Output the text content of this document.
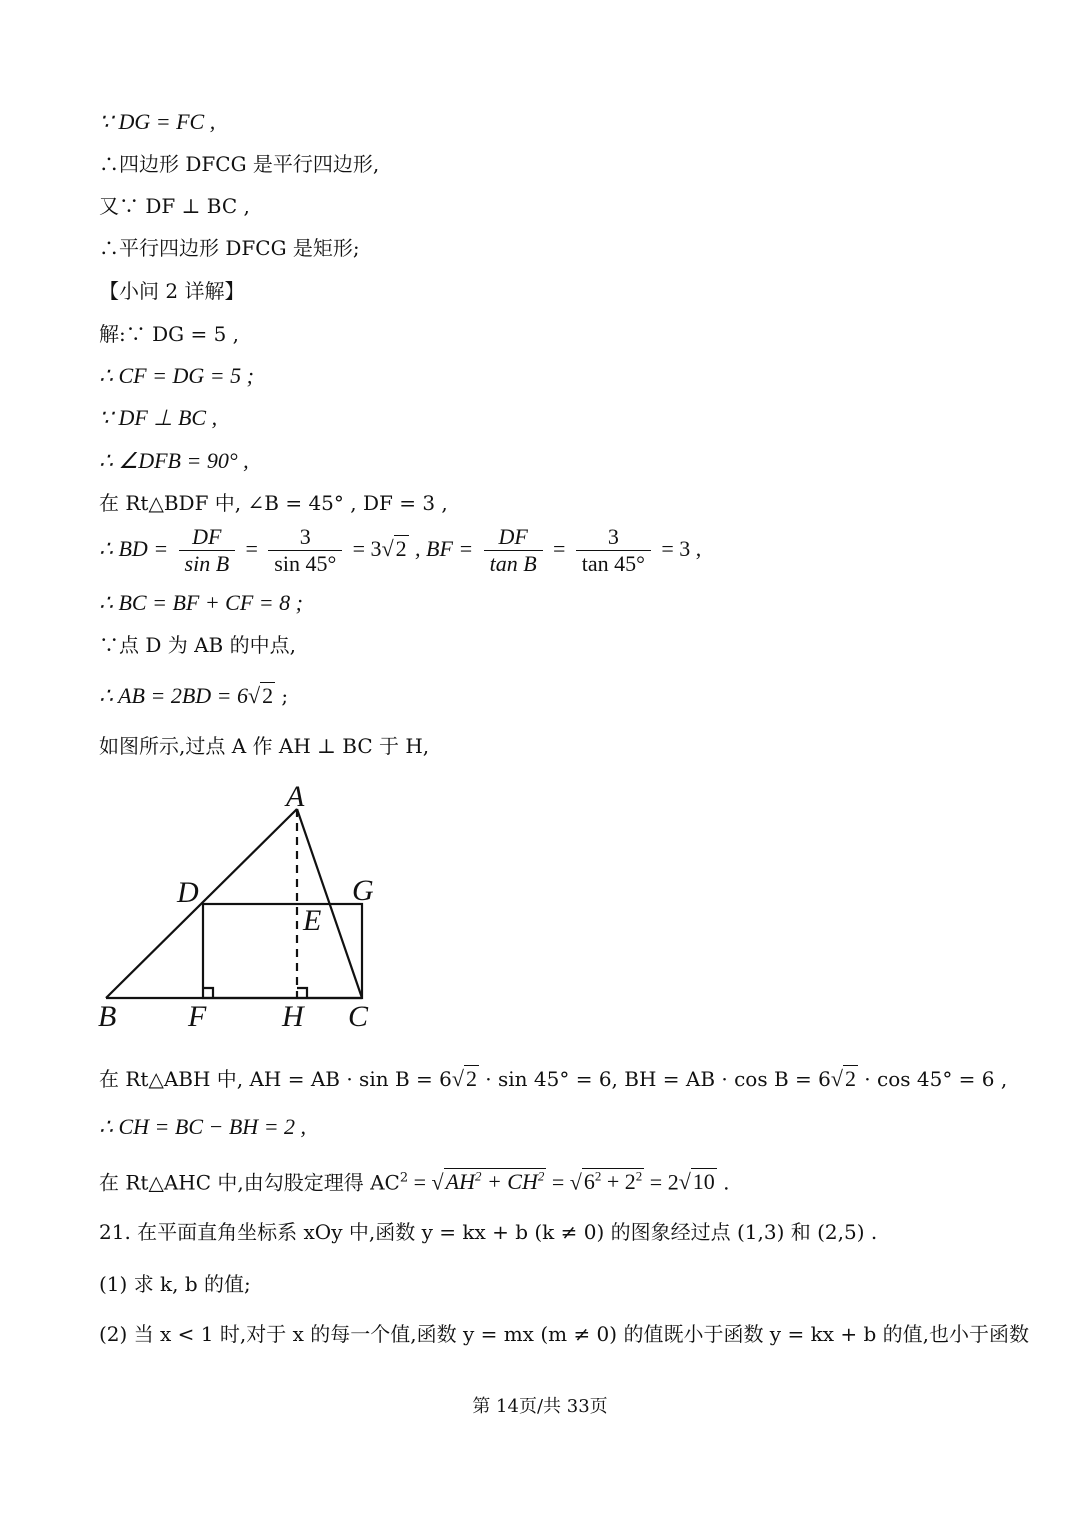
∵ DG = FC ,
∴四边形 DFCG 是平行四边形,
又∵ DF ⊥ BC ,
∴平行四边形 DFCG 是矩形;
【小问 2 详解】
解:∵ DG = 5 ,
∴ CF = DG = 5 ;
∵ DF ⊥ BC ,
∴ ∠DFB = 90° ,
在 Rt△BDF 中, ∠B = 45° , DF = 3 ,
∴ BD = $\frac{DF}{\text{sin B}} = \frac{3}{\sin 45^\circ} = 3√2$ , BF = $\frac{DF}{\text{tan B}} = \frac{3}{\tan 45^\circ} = 3$ ,
∴ BC = BF + CF = 8 ;
∵点 D 为 AB 的中点,
∴ AB = 2BD = 6√2 ;
如图所示,过点 A 作 AH ⊥ BC 于 H,
A
B	C
D
E
F
G
H
在 Rt△ABH 中, AH = AB · sin B = 6√2 · sin 45° = 6, BH = AB · cos B = 6√2 · cos 45° = 6 ,
∴ CH = BC − BH = 2 ,
在 Rt△AHC 中,由勾股定理得 $AC^2 = √AH^2 + CH^2 = √6^2 + 2^2 = 2√10$ .
21. 在平面直角坐标系 xOy 中,函数 y = kx + b (k ≠ 0) 的图象经过点 (1,3) 和 (2,5) .
(1) 求 k, b 的值;
(2) 当 x < 1 时,对于 x 的每一个值,函数 y = mx (m ≠ 0) 的值既小于函数 y = kx + b 的值,也小于函数
第 14页/共 33页
